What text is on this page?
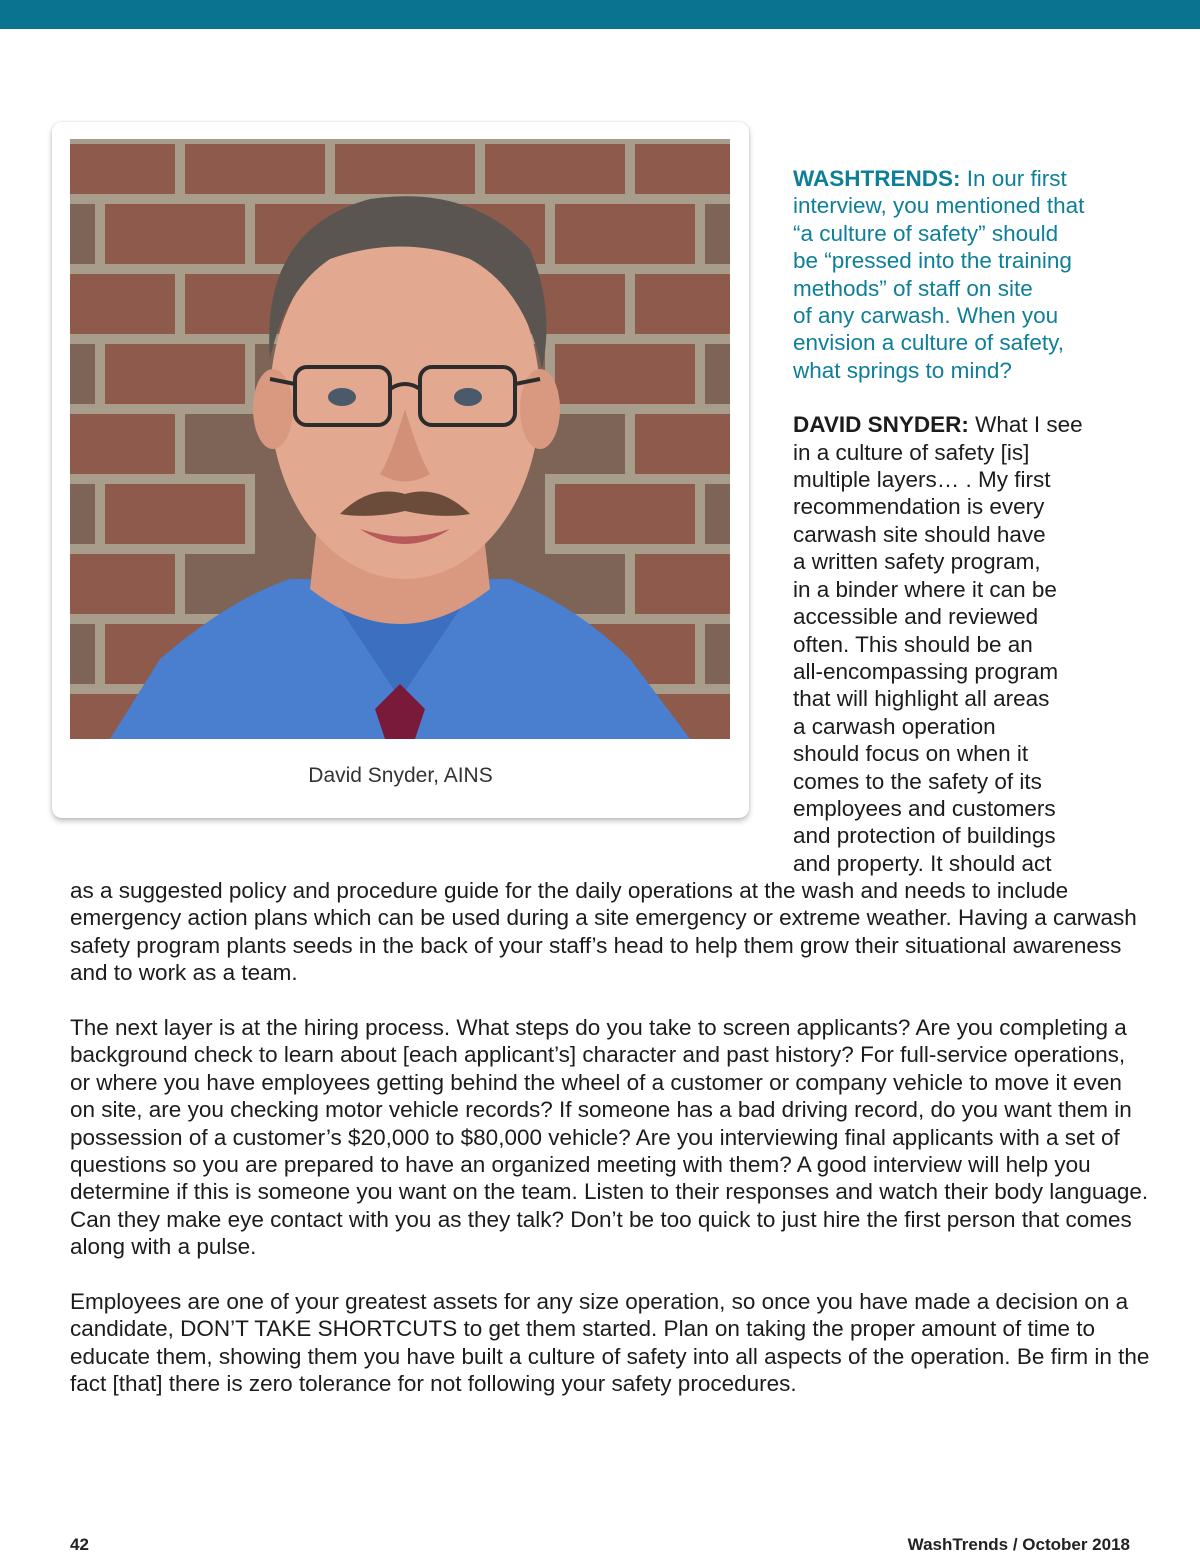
David Snyder, AINS

WASHTRENDS: In our first
interview, you mentioned that
“a culture of safety” should
be “pressed into the training
methods” of staff on site
of any carwash. When you
envision a culture of safety,
what springs to mind?

DAVID SNYDER: What I see
in a culture of safety [is]
multiple layers… . My first
recommendation is every
carwash site should have
a written safety program,
in a binder where it can be
accessible and reviewed
often. This should be an
all-encompassing program
that will highlight all areas
a carwash operation
should focus on when it
comes to the safety of its
employees and customers
and protection of buildings
and property. It should act

as a suggested policy and procedure guide for the daily operations at the wash and needs to include emergency action plans which can be used during a site emergency or extreme weather. Having a carwash safety program plants seeds in the back of your staff’s head to help them grow their situational awareness and to work as a team.

The next layer is at the hiring process. What steps do you take to screen applicants? Are you completing a background check to learn about [each applicant’s] character and past history? For full-service operations, or where you have employees getting behind the wheel of a customer or company vehicle to move it even on site, are you checking motor vehicle records? If someone has a bad driving record, do you want them in possession of a customer’s $20,000 to $80,000 vehicle? Are you interviewing final applicants with a set of questions so you are prepared to have an organized meeting with them? A good interview will help you determine if this is someone you want on the team. Listen to their responses and watch their body language. Can they make eye contact with you as they talk? Don’t be too quick to just hire the first person that comes along with a pulse.

Employees are one of your greatest assets for any size operation, so once you have made a decision on a candidate, DON’T TAKE SHORTCUTS to get them started. Plan on taking the proper amount of time to educate them, showing them you have built a culture of safety into all aspects of the operation. Be firm in the fact [that] there is zero tolerance for not following your safety procedures.

42	WashTrends / October 2018
